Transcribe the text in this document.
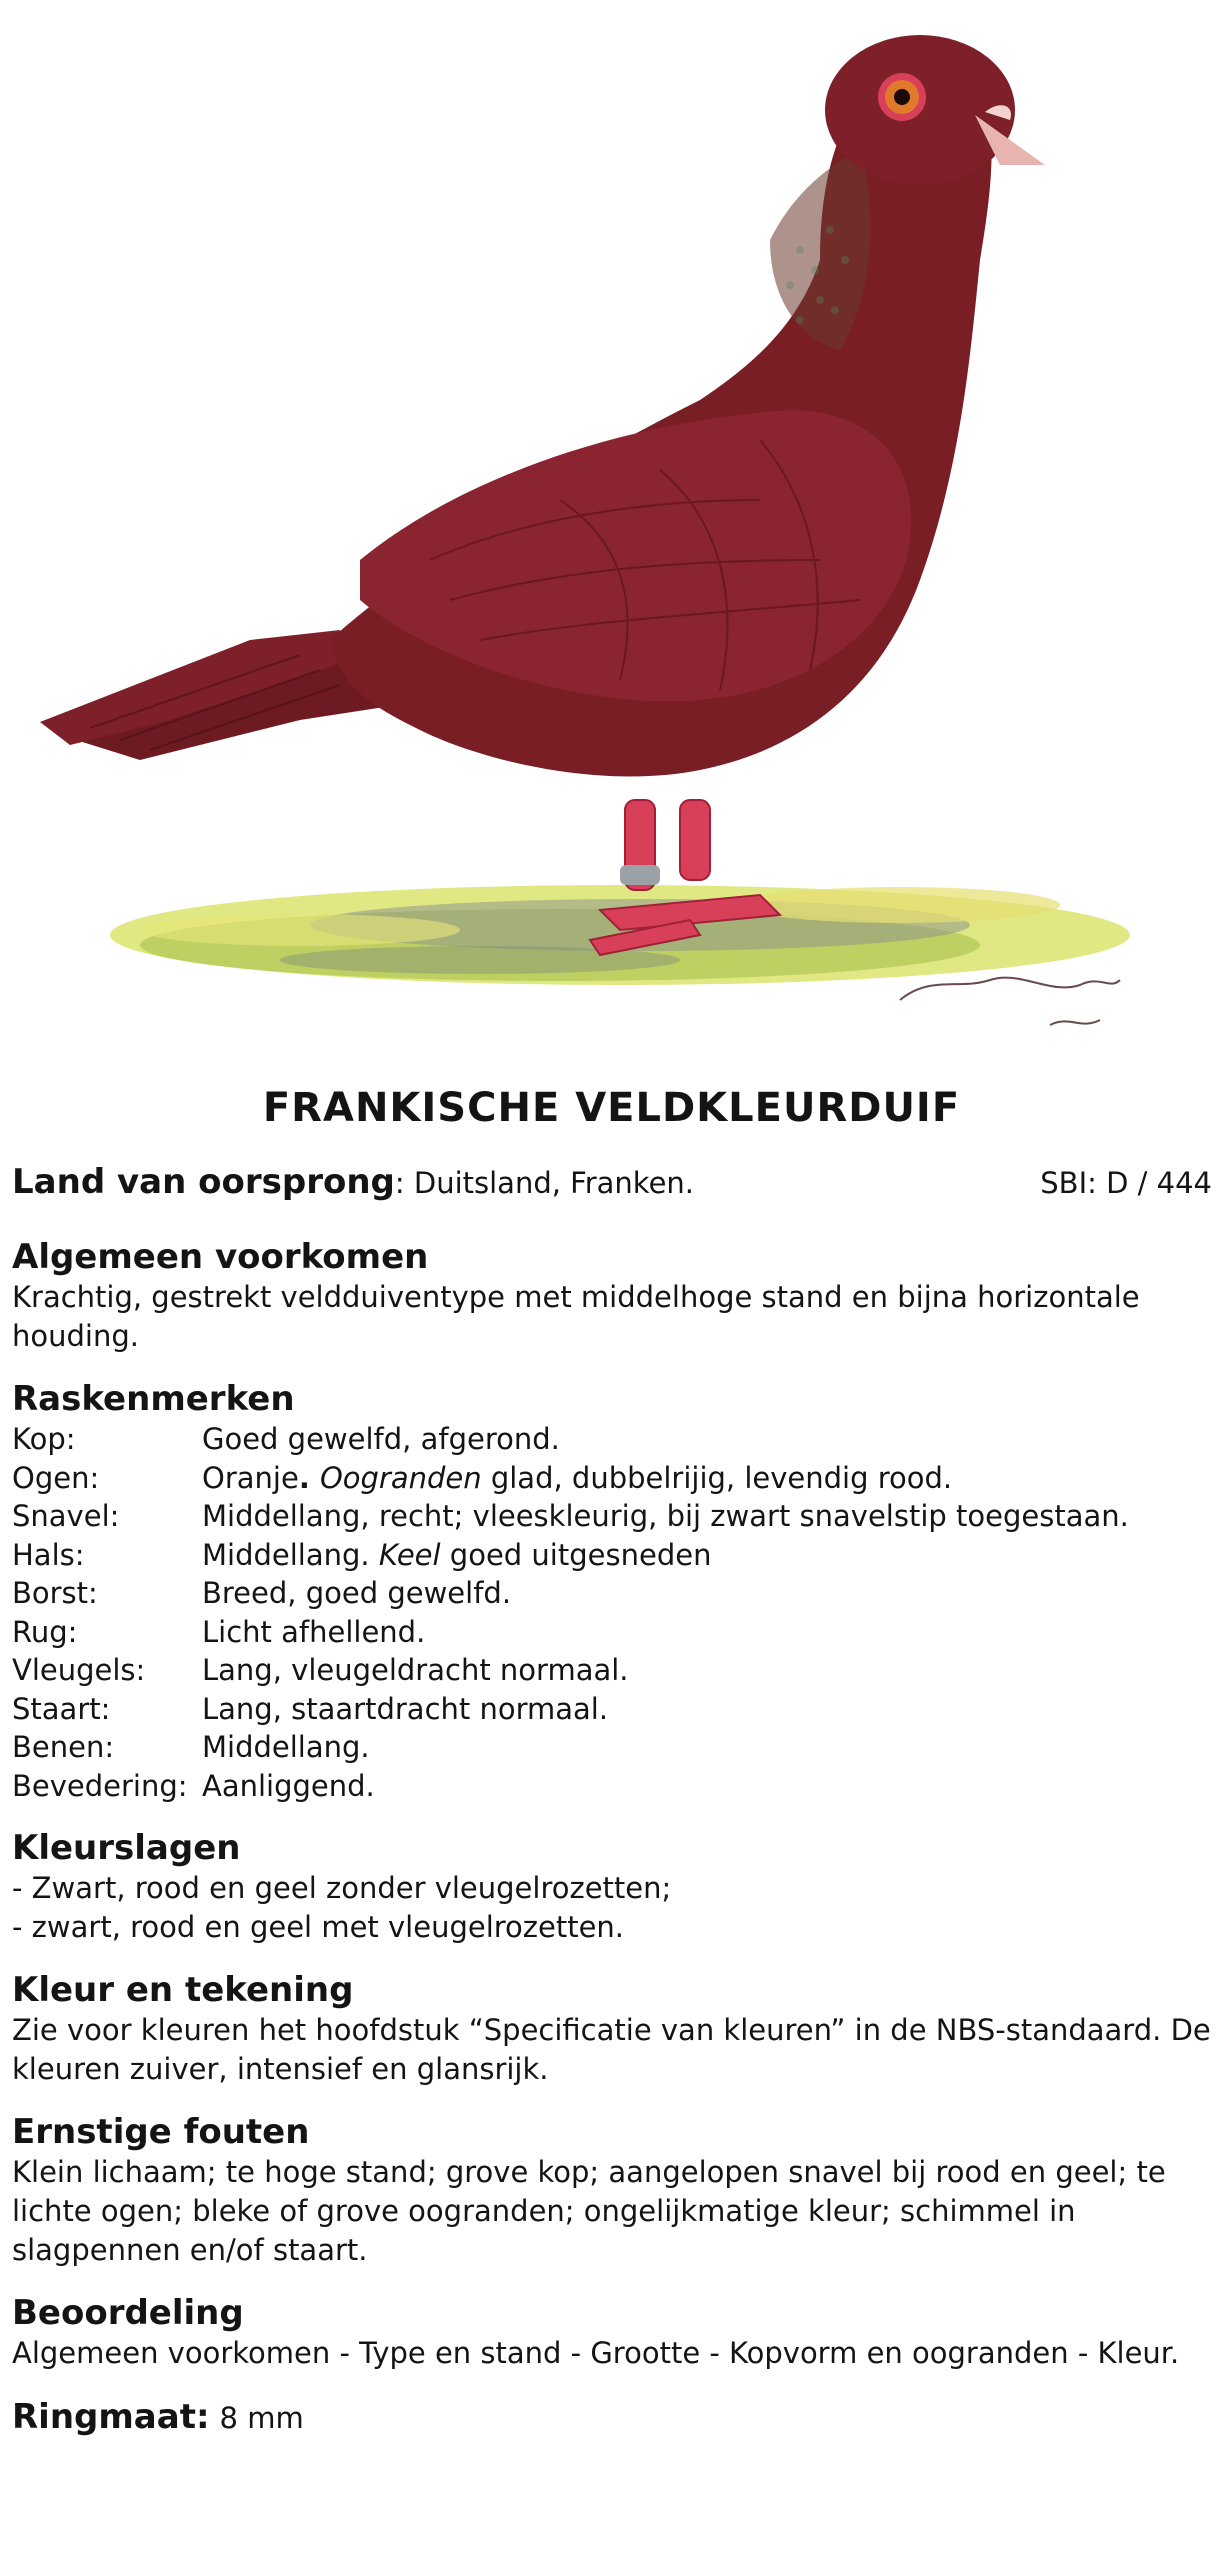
FRANKISCHE VELDKLEURDUIF
Land van oorsprong: Duitsland, Franken.	SBI: D / 444
Algemeen voorkomen

Krachtig, gestrekt veldduiventype met middelhoge stand en bijna horizontale houding.

Raskenmerken
Kop:	Goed gewelfd, afgerond.
Ogen:	Oranje. Oogranden glad, dubbelrijig, levendig rood.
Snavel:	Middellang, recht; vleeskleurig, bij zwart snavelstip toegestaan.
Hals:	Middellang. Keel goed uitgesneden
Borst:	Breed, goed gewelfd.
Rug:	Licht afhellend.
Vleugels:	Lang, vleugeldracht normaal.
Staart:	Lang, staartdracht normaal.
Benen:	Middellang.
Bevedering: Aanliggend.
Kleurslagen

- Zwart, rood en geel zonder vleugelrozetten;

- zwart, rood en geel met vleugelrozetten.

Kleur en tekening

Zie voor kleuren het hoofdstuk “Specificatie van kleuren” in de NBS-standaard. De kleuren zuiver, intensief en glansrijk.

Ernstige fouten

Klein lichaam; te hoge stand; grove kop; aangelopen snavel bij rood en geel; te lichte ogen; bleke of grove oogranden; ongelijkmatige kleur; schimmel in slagpennen en/of staart.

Beoordeling

Algemeen voorkomen - Type en stand - Grootte - Kopvorm en oogranden - Kleur.

Ringmaat: 8 mm
